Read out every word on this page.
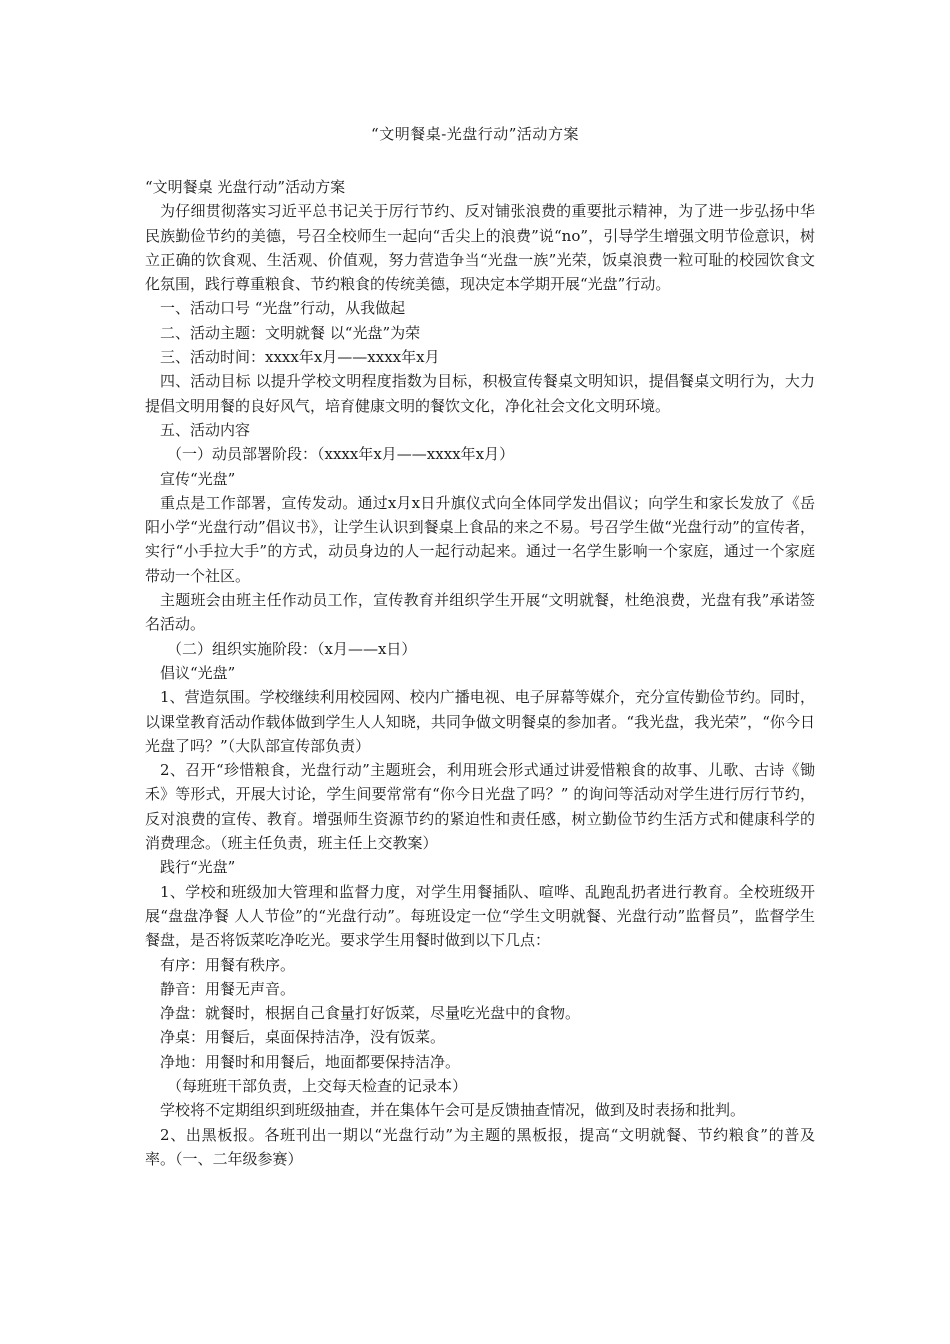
“文明餐桌-光盘行动”活动方案

“文明餐桌 光盘行动”活动方案

为仔细贯彻落实习近平总书记关于厉行节约、反对铺张浪费的重要批示精神，为了进一步弘扬中华民族勤俭节约的美德，号召全校师生一起向“舌尖上的浪费”说“no”，引导学生增强文明节俭意识，树立正确的饮食观、生活观、价值观，努力营造争当“光盘一族”光荣，饭桌浪费一粒可耻的校园饮食文化氛围，践行尊重粮食、节约粮食的传统美德，现决定本学期开展“光盘”行动。

一、活动口号 “光盘”行动，从我做起

二、活动主题：文明就餐 以“光盘”为荣

三、活动时间：xxxx年x月——xxxx年x月

四、活动目标 以提升学校文明程度指数为目标，积极宣传餐桌文明知识，提倡餐桌文明行为，大力提倡文明用餐的良好风气，培育健康文明的餐饮文化，净化社会文化文明环境。

五、活动内容

（一）动员部署阶段：（xxxx年x月——xxxx年x月）

宣传“光盘”

重点是工作部署，宣传发动。通过x月x日升旗仪式向全体同学发出倡议；向学生和家长发放了《岳阳小学“光盘行动”倡议书》，让学生认识到餐桌上食品的来之不易。号召学生做“光盘行动”的宣传者，实行“小手拉大手”的方式，动员身边的人一起行动起来。通过一名学生影响一个家庭，通过一个家庭带动一个社区。

主题班会由班主任作动员工作，宣传教育并组织学生开展“文明就餐，杜绝浪费，光盘有我”承诺签名活动。

（二）组织实施阶段：（x月——x日）

倡议“光盘”

1、营造氛围。学校继续利用校园网、校内广播电视、电子屏幕等媒介，充分宣传勤俭节约。同时，以课堂教育活动作载体做到学生人人知晓，共同争做文明餐桌的参加者。“我光盘，我光荣”，“你今日光盘了吗？”（大队部宣传部负责）

2、召开“珍惜粮食，光盘行动”主题班会，利用班会形式通过讲爱惜粮食的故事、儿歌、古诗《锄禾》等形式，开展大讨论，学生间要常常有“你今日光盘了吗？” 的询问等活动对学生进行厉行节约，反对浪费的宣传、教育。增强师生资源节约的紧迫性和责任感，树立勤俭节约生活方式和健康科学的消费理念。（班主任负责，班主任上交教案）

践行“光盘”

1、学校和班级加大管理和监督力度，对学生用餐插队、喧哗、乱跑乱扔者进行教育。全校班级开展“盘盘净餐 人人节俭”的“光盘行动”。每班设定一位“学生文明就餐、光盘行动”监督员”，监督学生餐盘，是否将饭菜吃净吃光。要求学生用餐时做到以下几点：

有序：用餐有秩序。

静音：用餐无声音。

净盘：就餐时，根据自己食量打好饭菜，尽量吃光盘中的食物。

净桌：用餐后，桌面保持洁净，没有饭菜。

净地：用餐时和用餐后，地面都要保持洁净。

（每班班干部负责，上交每天检查的记录本）

学校将不定期组织到班级抽查，并在集体午会可是反馈抽查情况，做到及时表扬和批判。

2、出黑板报。各班刊出一期以“光盘行动”为主题的黑板报，提高“文明就餐、节约粮食”的普及率。（一、二年级参赛）
